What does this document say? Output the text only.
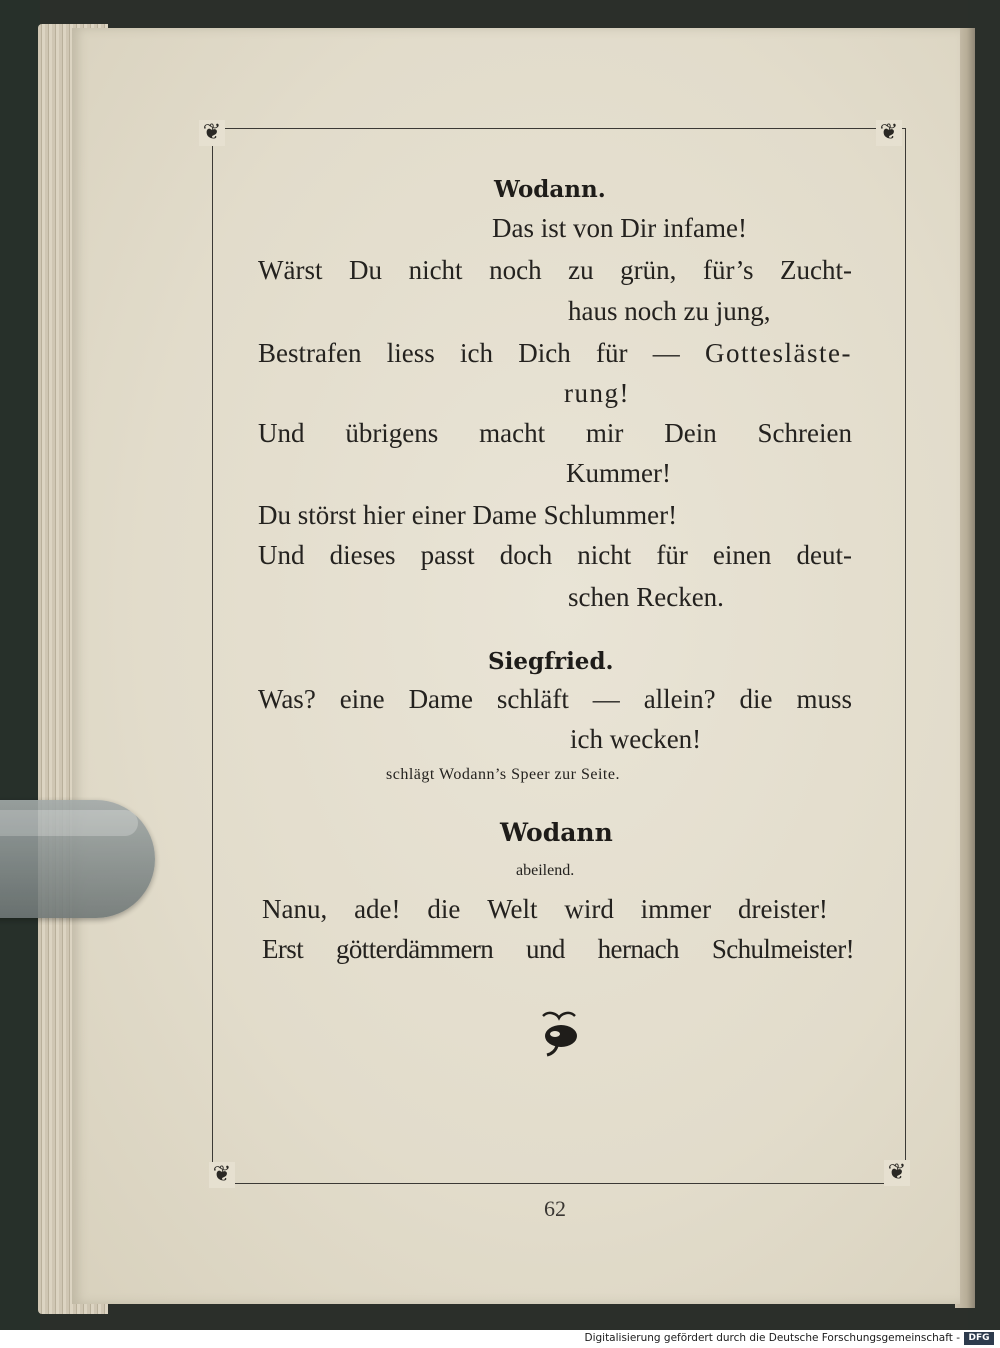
❦	❦
❦	❦
Wodann.
Das ist von Dir infame!
Wärst Du nicht noch zu grün, für’s Zucht-
haus noch zu jung,
Bestrafen liess ich Dich für — Gottesläste-
rung!
Und übrigens macht mir Dein Schreien
Kummer!
Du störst hier einer Dame Schlummer!
Und dieses passt doch nicht für einen deut-
schen Recken.
Siegfried.
Was? eine Dame schläft — allein? die muss
ich wecken!
schlägt Wodann’s Speer zur Seite.
Wodann
abeilend.
Nanu, ade! die Welt wird immer dreister!
Erst götterdämmern und hernach Schulmeister!
62
Digitalisierung gefördert durch die Deutsche Forschungsgemeinschaft - DFG
